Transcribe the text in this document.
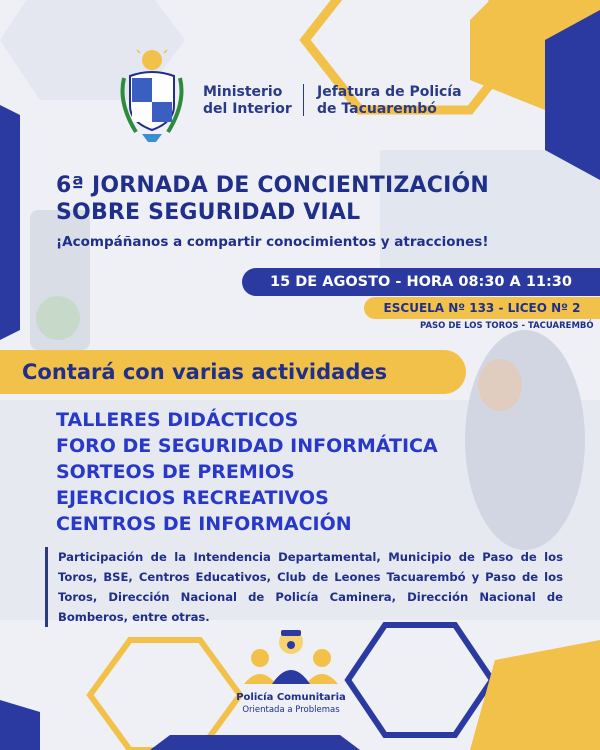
Ministerio
del Interior
Jefatura de Policía
de Tacuarembó
6ª JORNADA DE CONCIENTIZACIÓN
SOBRE SEGURIDAD VIAL
¡Acompáñanos a compartir conocimientos y atracciones!
15 DE AGOSTO - HORA 08:30 A 11:30
ESCUELA Nº 133 - LICEO Nº 2
PASO DE LOS TOROS - TACUAREMBÓ
Contará con varias actividades
TALLERES DIDÁCTICOS
FORO DE SEGURIDAD INFORMÁTICA
SORTEOS DE PREMIOS
EJERCICIOS RECREATIVOS
CENTROS DE INFORMACIÓN
Participación de la Intendencia Departamental, Municipio de Paso de los Toros, BSE, Centros Educativos, Club de Leones Tacuarembó y Paso de los Toros, Dirección Nacional de Policía Caminera, Dirección Nacional de Bomberos, entre otras.
Policía Comunitaria
Orientada a Problemas
